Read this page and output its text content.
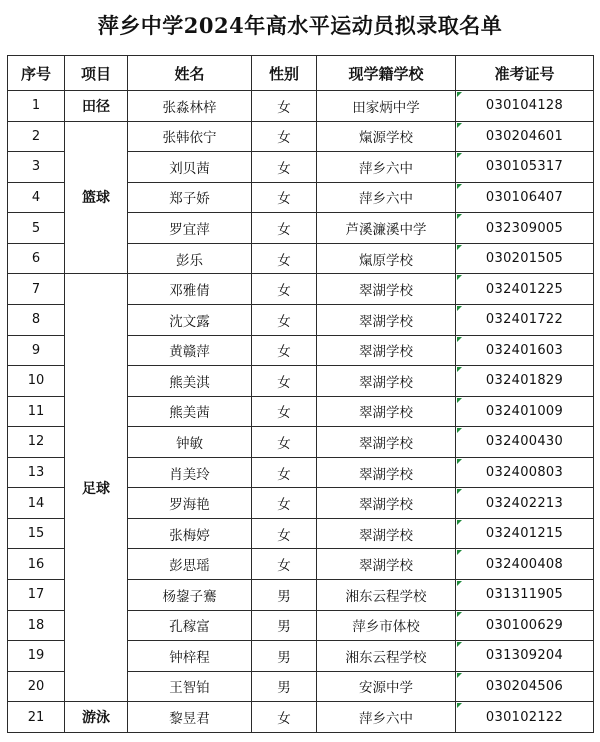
萍乡中学2024年高水平运动员拟录取名单
序号	项目	姓名	性别	现学籍学校	准考证号
1	田径	张淼林梓	女	田家炳中学	030104128
2	篮球	张韩依宁	女	熂源学校	030204601
3		刘贝茜	女	萍乡六中	030105317
4		郑子娇	女	萍乡六中	030106407
5		罗宜萍	女	芦溪濂溪中学	032309005
6		彭乐	女	熂原学校	030201505
7	足球	邓雅倩	女	翠湖学校	032401225
8		沈文露	女	翠湖学校	032401722
9		黄赣萍	女	翠湖学校	032401603
10		熊美淇	女	翠湖学校	032401829
11		熊美茜	女	翠湖学校	032401009
12		钟敏	女	翠湖学校	032400430
13		肖美玲	女	翠湖学校	032400803
14		罗海艳	女	翠湖学校	032402213
15		张梅婷	女	翠湖学校	032401215
16		彭思瑶	女	翠湖学校	032400408
17		杨鋆子騫	男	湘东云程学校	031311905
18		孔稼富	男	萍乡市体校	030100629
19		钟梓程	男	湘东云程学校	031309204
20		王智铂	男	安源中学	030204506
21	游泳	黎昱君	女	萍乡六中	030102122
